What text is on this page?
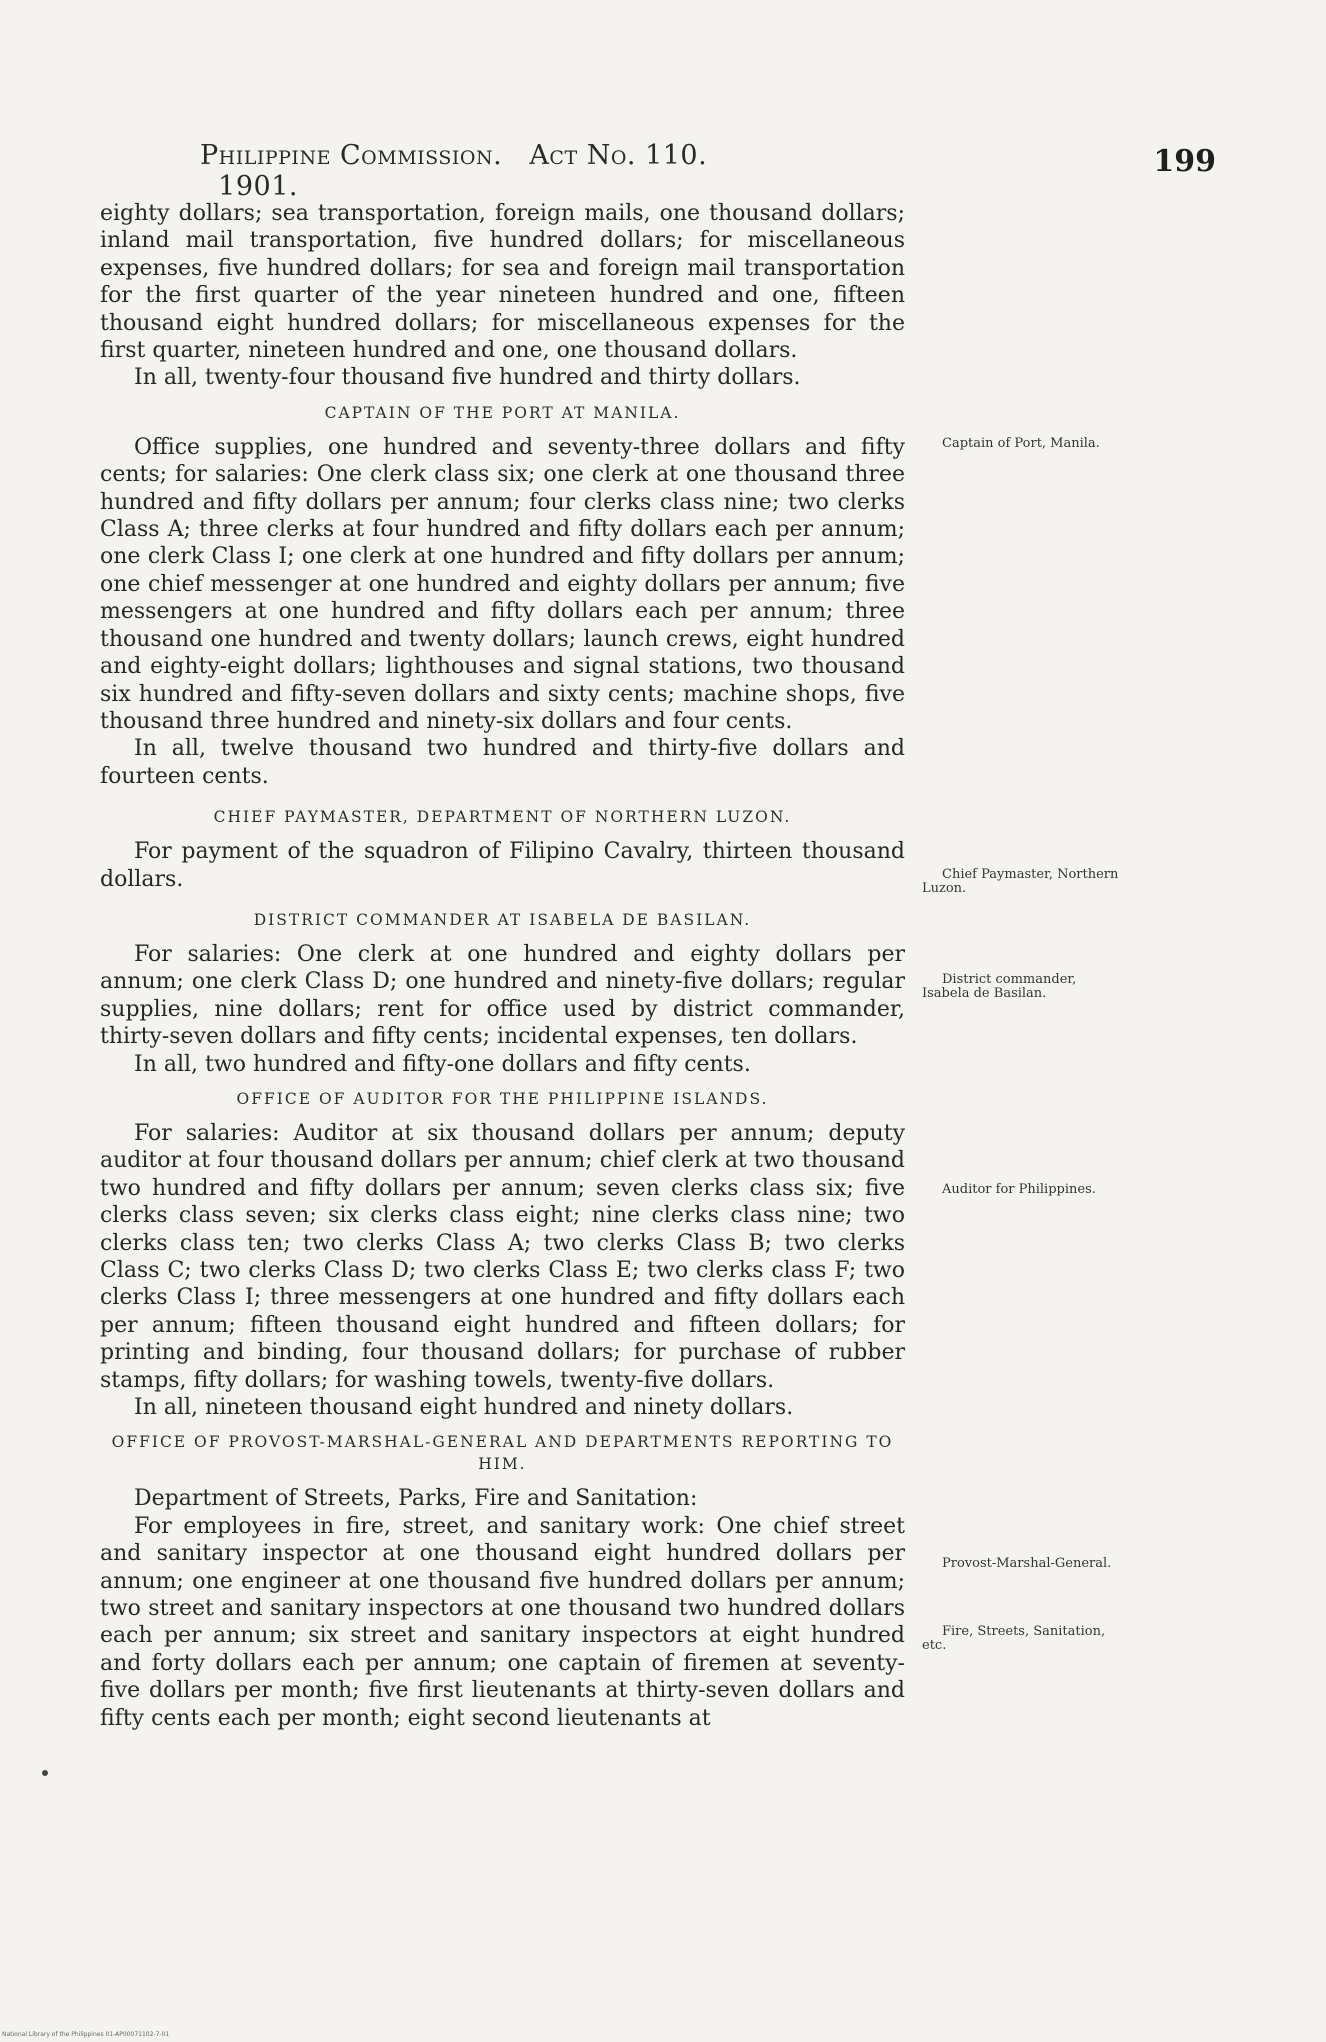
Philippine Commission. Act No. 110.   1901.
199

eighty dollars; sea transportation, foreign mails, one thousand dollars; inland mail transportation, five hundred dollars; for miscellaneous expenses, five hundred dollars; for sea and foreign mail transportation for the first quarter of the year nineteen hundred and one, fifteen thousand eight hundred dollars; for miscellaneous expenses for the first quarter, nineteen hundred and one, one thousand dollars.

In all, twenty-four thousand five hundred and thirty dollars.

CAPTAIN OF THE PORT AT MANILA.

Office supplies, one hundred and seventy-three dollars and fifty cents; for salaries: One clerk class six; one clerk at one thousand three hundred and fifty dollars per annum; four clerks class nine; two clerks Class A; three clerks at four hundred and fifty dollars each per annum; one clerk Class I; one clerk at one hundred and fifty dollars per annum; one chief messenger at one hundred and eighty dollars per annum; five messengers at one hundred and fifty dollars each per annum; three thousand one hundred and twenty dollars; launch crews, eight hundred and eighty-eight dollars; lighthouses and signal stations, two thousand six hundred and fifty-seven dollars and sixty cents; machine shops, five thousand three hundred and ninety-six dollars and four cents.

In all, twelve thousand two hundred and thirty-five dollars and fourteen cents.

CHIEF PAYMASTER, DEPARTMENT OF NORTHERN LUZON.

For payment of the squadron of Filipino Cavalry, thirteen thousand dollars.

DISTRICT COMMANDER AT ISABELA DE BASILAN.

For salaries: One clerk at one hundred and eighty dollars per annum; one clerk Class D; one hundred and ninety-five dollars; regular supplies, nine dollars; rent for office used by district commander, thirty-seven dollars and fifty cents; incidental expenses, ten dollars.

In all, two hundred and fifty-one dollars and fifty cents.

OFFICE OF AUDITOR FOR THE PHILIPPINE ISLANDS.

For salaries: Auditor at six thousand dollars per annum; deputy auditor at four thousand dollars per annum; chief clerk at two thousand two hundred and fifty dollars per annum; seven clerks class six; five clerks class seven; six clerks class eight; nine clerks class nine; two clerks class ten; two clerks Class A; two clerks Class B; two clerks Class C; two clerks Class D; two clerks Class E; two clerks class F; two clerks Class I; three messengers at one hundred and fifty dollars each per annum; fifteen thousand eight hundred and fifteen dollars; for printing and binding, four thousand dollars; for purchase of rubber stamps, fifty dollars; for washing towels, twenty-five dollars.

In all, nineteen thousand eight hundred and ninety dollars.

OFFICE OF PROVOST-MARSHAL-GENERAL AND DEPARTMENTS REPORTING TO HIM.

Department of Streets, Parks, Fire and Sanitation:

For employees in fire, street, and sanitary work: One chief street and sanitary inspector at one thousand eight hundred dollars per annum; one engineer at one thousand five hundred dollars per annum; two street and sanitary inspectors at one thousand two hundred dollars each per annum; six street and sanitary inspectors at eight hundred and forty dollars each per annum; one captain of firemen at seventy-five dollars per month; five first lieutenants at thirty-seven dollars and fifty cents each per month; eight second lieutenants at

Captain of Port, Manila.
Chief Paymaster, Northern Luzon.
District commander, Isabela de Basilan.
Auditor for Philippines.
Provost-Marshal-General.
Fire, Streets, Sanitation, etc.
National Library of the Philippines 01-AP00071102-7-01
